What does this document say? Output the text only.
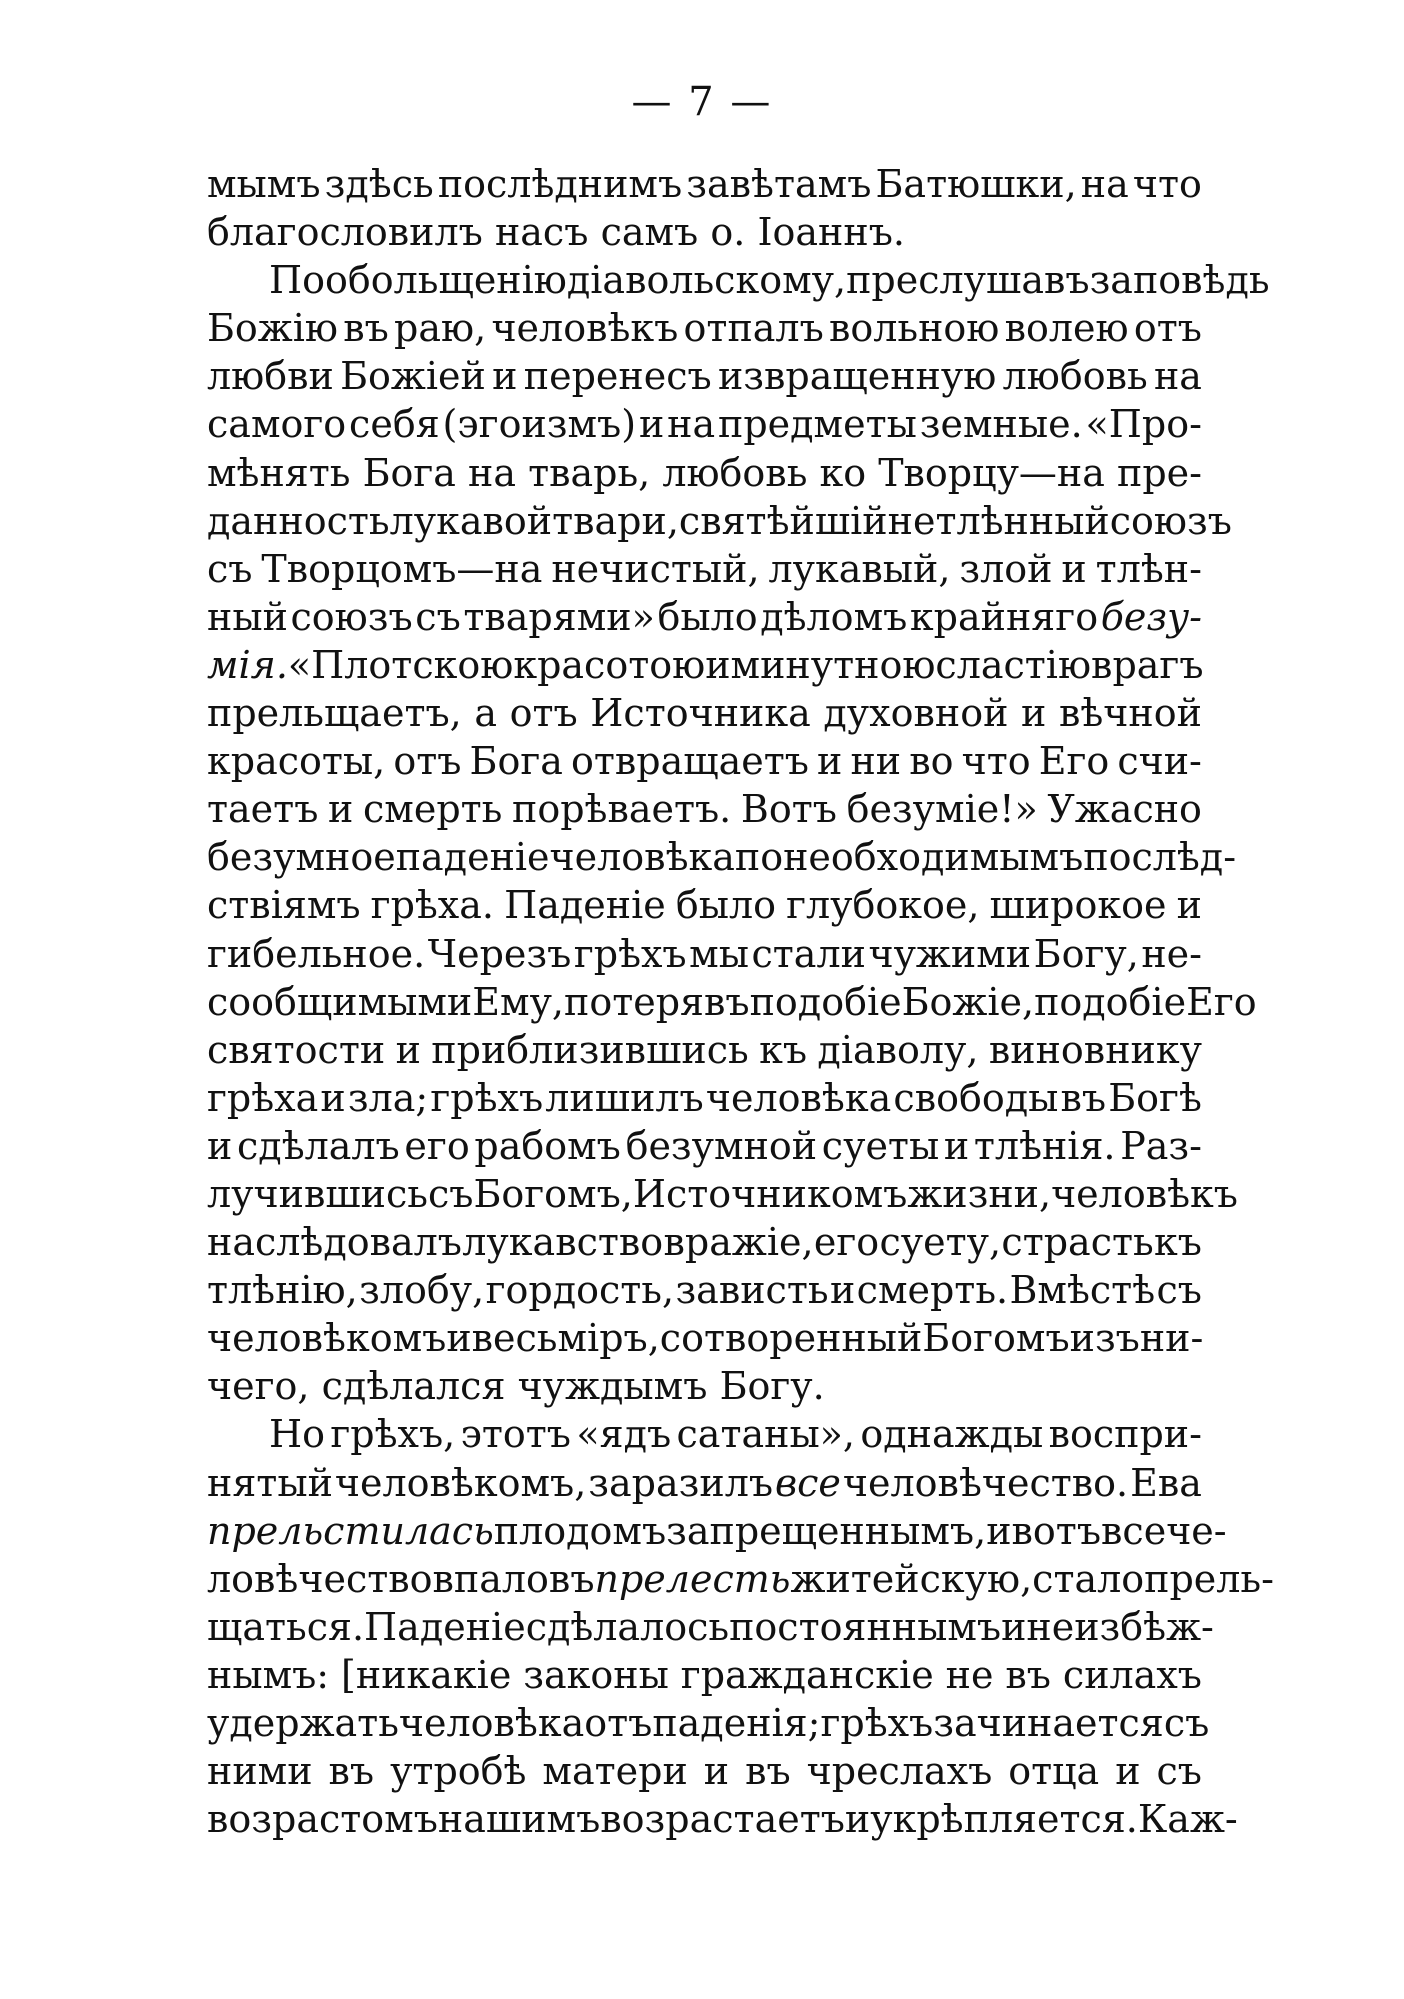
— 7 —
мымъ здѣсь послѣднимъ завѣтамъ Батюшки, на что
благословилъ насъ самъ о. Іоаннъ.
По обольщенію діавольскому, преслушавъ заповѣдь
Божію въ раю, человѣкъ отпалъ вольною волею отъ
любви Божіей и перенесъ извращенную любовь на
самого себя (эгоизмъ) и на предметы земные. «Про-
мѣнять Бога на тварь, любовь ко Творцу—на пре-
данность лукавой твари, святѣйшій нетлѣнный союзъ
съ Творцомъ—на нечистый, лукавый, злой и тлѣн-
ный союзъ съ тварями» было дѣломъ крайняго безу-
мія. «Плотскою красотою и минутною сластію врагъ
прельщаетъ, а отъ Источника духовной и вѣчной
красоты, отъ Бога отвращаетъ и ни во что Его счи-
таетъ и смерть порѣваетъ. Вотъ безуміе!» Ужасно
безумное паденіе человѣка по необходимымъ послѣд-
ствіямъ грѣха. Паденіе было глубокое, широкое и
гибельное. Черезъ грѣхъ мы стали чужими Богу, не-
сообщимыми Ему, потерявъ подобіе Божіе, подобіе Его
святости и приблизившись къ діаволу, виновнику
грѣха и зла; грѣхъ лишилъ человѣка свободы въ Богѣ
и сдѣлалъ его рабомъ безумной суеты и тлѣнія. Раз-
лучившись съ Богомъ, Источникомъ жизни, человѣкъ
наслѣдовалъ лукавство вражіе, его суету, страсть къ
тлѣнію, злобу, гордость, зависть и смерть. Вмѣстѣ съ
человѣкомъ и весь міръ, сотворенный Богомъ изъ ни-
чего, сдѣлался чуждымъ Богу.
Но грѣхъ, этотъ «ядъ сатаны», однажды воспри-
нятый человѣкомъ, заразилъ все человѣчество. Ева
прельстилась плодомъ запрещеннымъ, и вотъ все че-
ловѣчество впало въ прелесть житейскую, стало прель-
щаться. Паденіе сдѣлалось постояннымъ и неизбѣж-
нымъ: [никакіе законы гражданскіе не въ силахъ
удержать человѣка отъ паденія; грѣхъ зачинается съ
ними въ утробѣ матери и въ чреслахъ отца и съ
возрастомъ нашимъ возрастаетъ и укрѣпляется. Каж-
